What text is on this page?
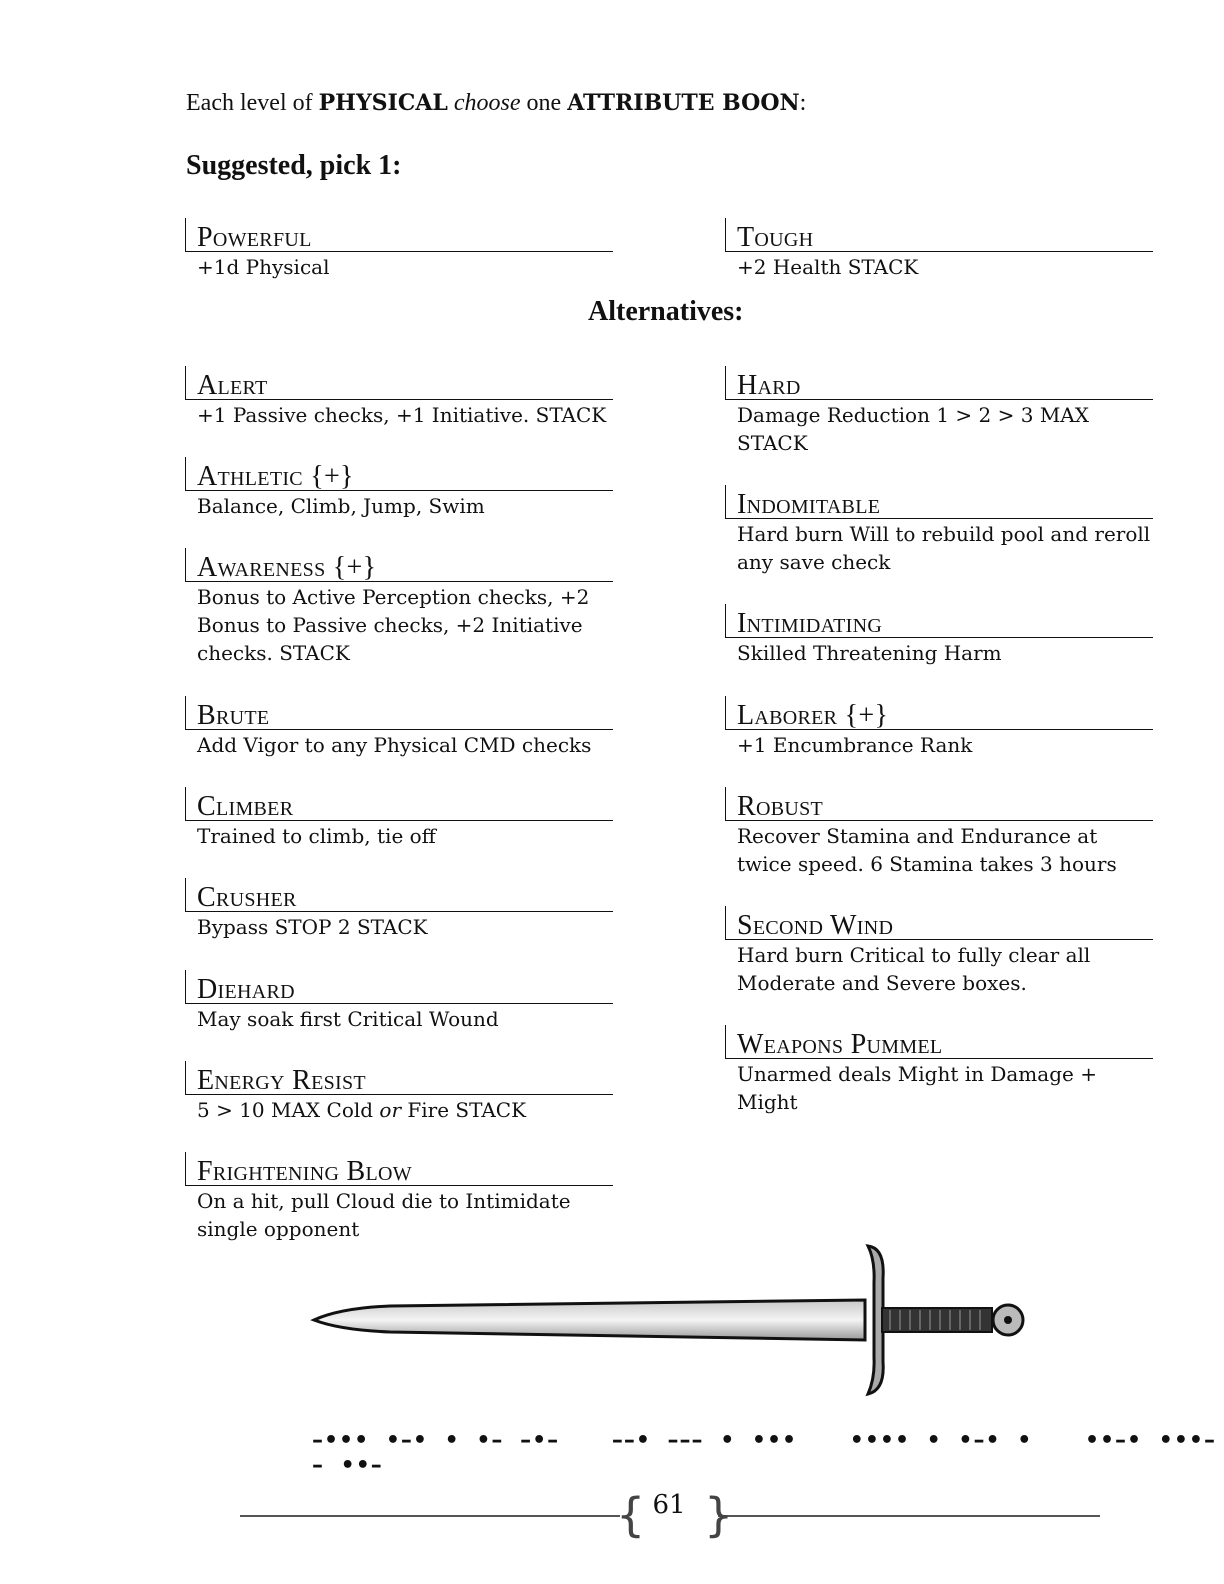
Each level of PHYSICAL choose one ATTRIBUTE BOON:
Suggested, pick 1:
Alternatives:
Powerful
+1d Physical
Tough
+2 Health STACK
Alert
+1 Passive checks, +1 Initiative. STACK
Athletic {+}
Balance, Climb, Jump, Swim
Awareness {+}
Bonus to Active Perception checks, +2 Bonus to Passive checks, +2 Initiative checks. STACK
Brute
Add Vigor to any Physical CMD checks
Climber
Trained to climb, tie off
Crusher
Bypass STOP 2 STACK
Diehard
May soak first Critical Wound
Energy Resist
5 > 10 MAX Cold or Fire STACK
Frightening Blow
On a hit, pull Cloud die to Intimidate single opponent
Hard
Damage Reduction 1 > 2 > 3 MAX STACK
Indomitable
Hard burn Will to rebuild pool and reroll any save check
Intimidating
Skilled Threatening Harm
Laborer {+}
+1 Encumbrance Rank
Robust
Recover Stamina and Endurance at twice speed. 6 Stamina takes 3 hours
Second Wind
Hard burn Critical to fully clear all Moderate and Severe boxes.
Weapons Pummel
Unarmed deals Might in Damage + Might
–••• •–• • •– –•– ––• ––– • ••• •••• • •–• • ••–• •••– – ••–
{ }
61
